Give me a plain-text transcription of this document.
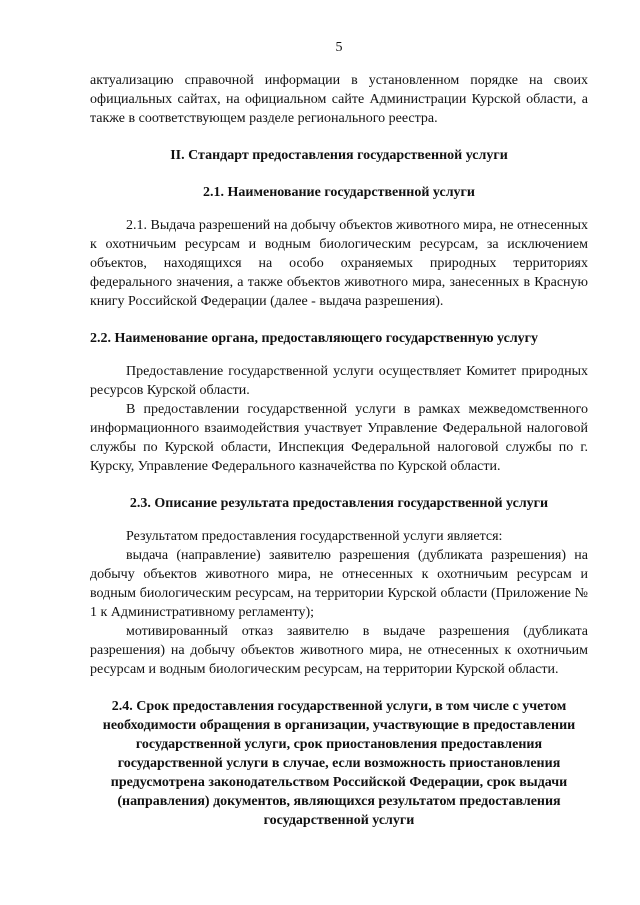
5

актуализацию справочной информации в установленном порядке на своих официальных сайтах, на официальном сайте Администрации Курской области, а также в соответствующем разделе регионального реестра.

II. Стандарт предоставления государственной услуги
2.1. Наименование государственной услуги

2.1. Выдача разрешений на добычу объектов животного мира, не отнесенных к охотничьим ресурсам и водным биологическим ресурсам, за исключением объектов, находящихся на особо охраняемых природных территориях федерального значения, а также объектов животного мира, занесенных в Красную книгу Российской Федерации (далее - выдача разрешения).

2.2. Наименование органа, предоставляющего государственную услугу

Предоставление государственной услуги осуществляет Комитет природных ресурсов Курской области.

В предоставлении государственной услуги в рамках межведомственного информационного взаимодействия участвует Управление Федеральной налоговой службы по Курской области, Инспекция Федеральной налоговой службы по г. Курску, Управление Федерального казначейства по Курской области.

2.3. Описание результата предоставления государственной услуги

Результатом предоставления государственной услуги является:

выдача (направление) заявителю разрешения (дубликата разрешения) на добычу объектов животного мира, не отнесенных к охотничьим ресурсам и водным биологическим ресурсам, на территории Курской области (Приложение № 1 к Административному регламенту);

мотивированный отказ заявителю в выдаче разрешения (дубликата разрешения) на добычу объектов животного мира, не отнесенных к охотничьим ресурсам и водным биологическим ресурсам, на территории Курской области.

2.4. Срок предоставления государственной услуги, в том числе с учетом необходимости обращения в организации, участвующие в предоставлении государственной услуги, срок приостановления предоставления государственной услуги в случае, если возможность приостановления предусмотрена законодательством Российской Федерации, срок выдачи (направления) документов, являющихся результатом предоставления государственной услуги
